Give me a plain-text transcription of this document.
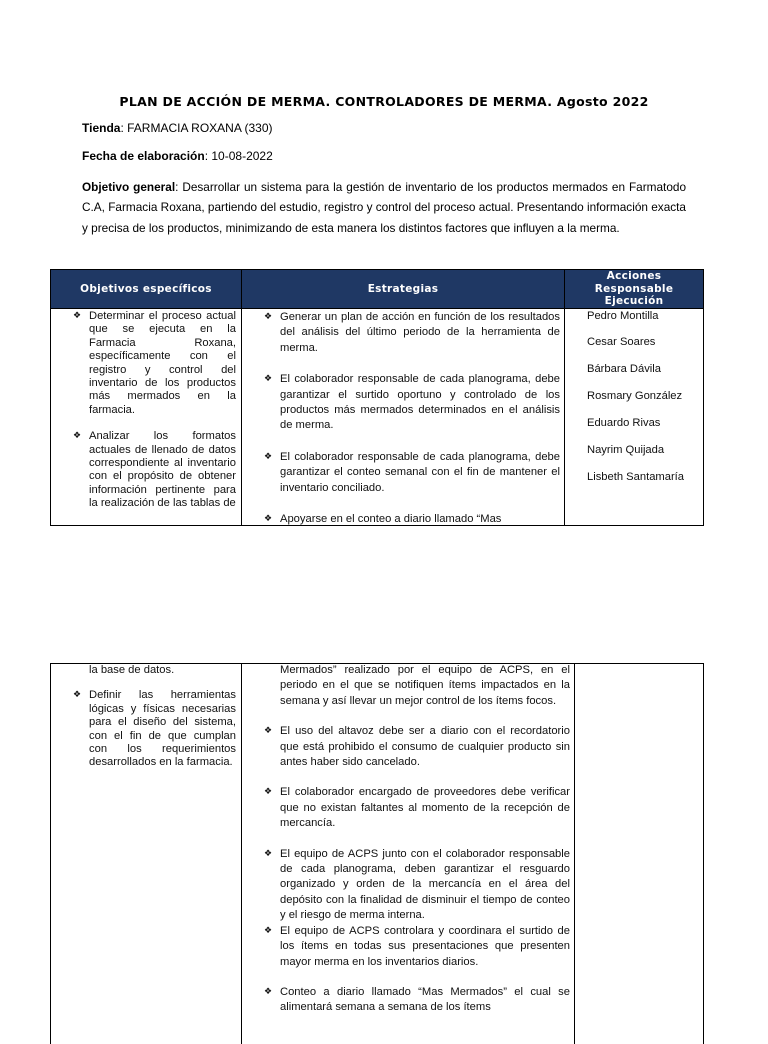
PLAN DE ACCIÓN DE MERMA. CONTROLADORES DE MERMA. Agosto 2022
Tienda: FARMACIA ROXANA (330)
Fecha de elaboración: 10-08-2022
Objetivo general: Desarrollar un sistema para la gestión de inventario de los productos mermados en Farmatodo C.A, Farmacia Roxana, partiendo del estudio, registro y control del proceso actual. Presentando información exacta y precisa de los productos, minimizando de esta manera los distintos factores que influyen a la merma.
Objetivos específicos	Estrategias
Acciones
Responsable
Ejecución
❖ Determinar el proceso actual que se ejecuta en la Farmacia Roxana, específicamente con el registro y control del inventario de los productos más mermados en la farmacia.
❖ Analizar los formatos actuales de llenado de datos correspondiente al inventario con el propósito de obtener información pertinente para la realización de las tablas de
❖ Generar un plan de acción en función de los resultados del análisis del último periodo de la herramienta de merma.
❖ El colaborador responsable de cada planograma, debe garantizar el surtido oportuno y controlado de los productos más mermados determinados en el análisis de merma.
❖ El colaborador responsable de cada planograma, debe garantizar el conteo semanal con el fin de mantener el inventario conciliado.
❖ Apoyarse en el conteo a diario llamado “Mas
Pedro Montilla
Cesar Soares
Bárbara Dávila
Rosmary González
Eduardo Rivas
Nayrim Quijada
Lisbeth Santamaría
la base de datos.
❖ Definir las herramientas lógicas y físicas necesarias para el diseño del sistema, con el fin de que cumplan con los requerimientos desarrollados en la farmacia.
Mermados” realizado por el equipo de ACPS, en el periodo en el que se notifiquen ítems impactados en la semana y así llevar un mejor control de los ítems focos.
❖ El uso del altavoz debe ser a diario con el recordatorio que está prohibido el consumo de cualquier producto sin antes haber sido cancelado.
❖ El colaborador encargado de proveedores debe verificar que no existan faltantes al momento de la recepción de mercancía.
❖ El equipo de ACPS junto con el colaborador responsable de cada planograma, deben garantizar el resguardo organizado y orden de la mercancía en el área del depósito con la finalidad de disminuir el tiempo de conteo y el riesgo de merma interna.
❖ El equipo de ACPS controlara y coordinara el surtido de los ítems en todas sus presentaciones que presenten mayor merma en los inventarios diarios.
❖ Conteo a diario llamado “Mas Mermados” el cual se alimentará semana a semana de los ítems
